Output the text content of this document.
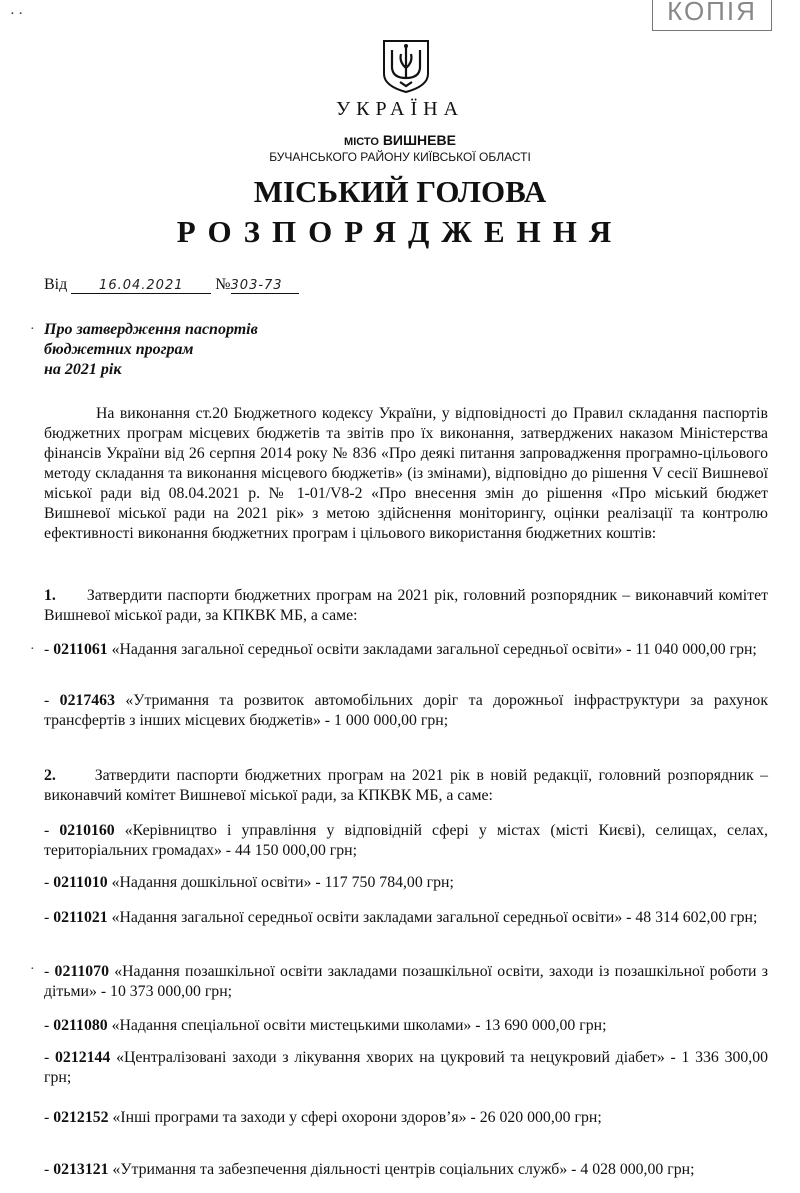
⋅ ⋅	КОПІЯ
УКРАЇНА
МІСТО ВИШНЕВЕ
БУЧАНСЬКОГО РАЙОНУ КИЇВСЬКОЇ ОБЛАСТІ
МІСЬКИЙ ГОЛОВА
РОЗПОРЯДЖЕННЯ
Від 16.04.2021 №303-73
· Про затвердження паспортів
бюджетних програм
на 2021 рік
На виконання ст.20 Бюджетного кодексу України, у відповідності до Правил складання паспортів бюджетних програм місцевих бюджетів та звітів про їх виконання, затверджених наказом Міністерства фінансів України від 26 серпня 2014 року № 836 «Про деякі питання запровадження програмно-цільового методу складання та виконання місцевого бюджетів» (із змінами), відповідно до рішення V сесії Вишневої міської ради від 08.04.2021 р. № 1-01/V8-2 «Про внесення змін до рішення «Про міський бюджет Вишневої міської ради на 2021 рік» з метою здійснення моніторингу, оцінки реалізації та контролю ефективності виконання бюджетних програм і цільового використання бюджетних коштів:
1. Затвердити паспорти бюджетних програм на 2021 рік, головний розпорядник – виконавчий комітет Вишневої міської ради, за КПКВК МБ, а саме:
· - 0211061 «Надання загальної середньої освіти закладами загальної середньої освіти» - 11 040 000,00 грн;
- 0217463 «Утримання та розвиток автомобільних доріг та дорожньої інфраструктури за рахунок трансфертів з інших місцевих бюджетів» - 1 000 000,00 грн;
2. Затвердити паспорти бюджетних програм на 2021 рік в новій редакції, головний розпорядник – виконавчий комітет Вишневої міської ради, за КПКВК МБ, а саме:
- 0210160 «Керівництво і управління у відповідній сфері у містах (місті Києві), селищах, селах, територіальних громадах» - 44 150 000,00 грн;
- 0211010 «Надання дошкільної освіти» - 117 750 784,00 грн;
- 0211021 «Надання загальної середньої освіти закладами загальної середньої освіти» - 48 314 602,00 грн;
· - 0211070 «Надання позашкільної освіти закладами позашкільної освіти, заходи із позашкільної роботи з дітьми» - 10 373 000,00 грн;
- 0211080 «Надання спеціальної освіти мистецькими школами» - 13 690 000,00 грн;
- 0212144 «Централізовані заходи з лікування хворих на цукровий та нецукровий діабет» - 1 336 300,00 грн;
- 0212152 «Інші програми та заходи у сфері охорони здоров’я» - 26 020 000,00 грн;
- 0213121 «Утримання та забезпечення діяльності центрів соціальних служб» - 4 028 000,00 грн;
